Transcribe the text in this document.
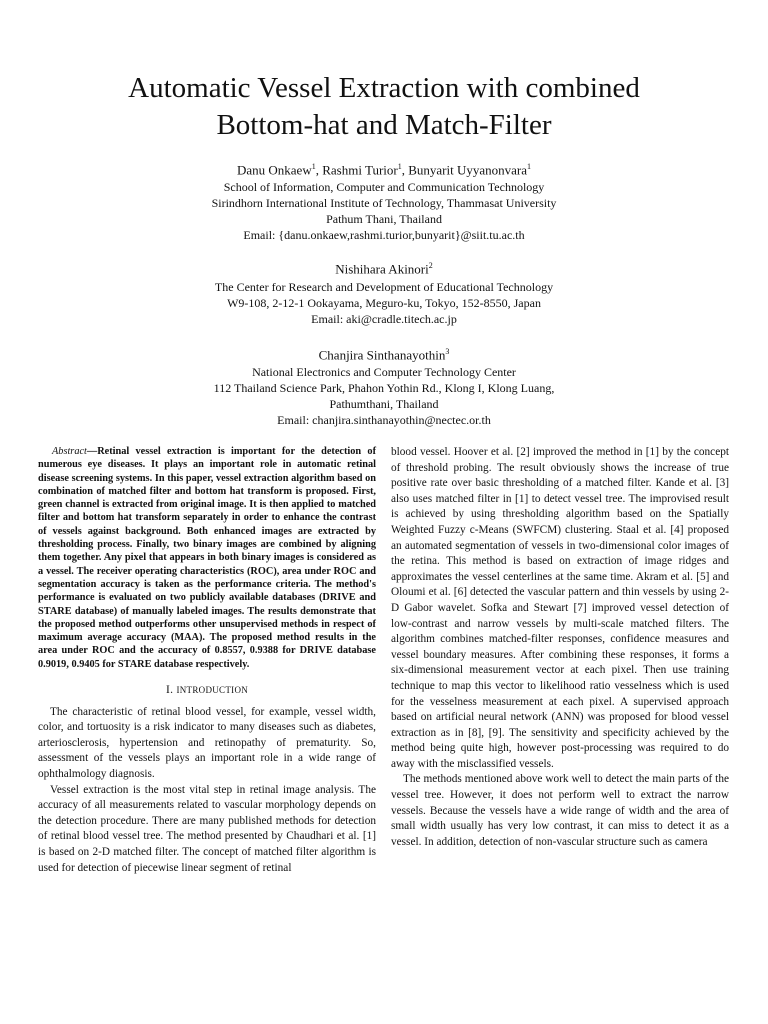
Automatic Vessel Extraction with combined
Bottom-hat and Match-Filter
Danu Onkaew$^1$, Rashmi Turior$^1$, Bunyarit Uyyanonvara$^1$
School of Information, Computer and Communication Technology
Sirindhorn International Institute of Technology, Thammasat University
Pathum Thani, Thailand
Email: {danu.onkaew,rashmi.turior,bunyarit}@siit.tu.ac.th
Nishihara Akinori$^2$
The Center for Research and Development of Educational Technology
W9-108, 2-12-1 Ookayama, Meguro-ku, Tokyo, 152-8550, Japan
Email: aki@cradle.titech.ac.jp
Chanjira Sinthanayothin$^3$
National Electronics and Computer Technology Center
112 Thailand Science Park, Phahon Yothin Rd., Klong I, Klong Luang,
Pathumthani, Thailand
Email: chanjira.sinthanayothin@nectec.or.th

Abstract—Retinal vessel extraction is important for the detection of numerous eye diseases. It plays an important role in automatic retinal disease screening systems. In this paper, vessel extraction algorithm based on combination of matched filter and bottom hat transform is proposed. First, green channel is extracted from original image. It is then applied to matched filter and bottom hat transform separately in order to enhance the contrast of vessels against background. Both enhanced images are extracted by thresholding process. Finally, two binary images are combined by aligning them together. Any pixel that appears in both binary images is considered as a vessel. The receiver operating characteristics (ROC), area under ROC and segmentation accuracy is taken as the performance criteria. The method's performance is evaluated on two publicly available databases (DRIVE and STARE database) of manually labeled images. The results demonstrate that the proposed method outperforms other unsupervised methods in respect of maximum average accuracy (MAA). The proposed method results in the area under ROC and the accuracy of 0.8557, 0.9388 for DRIVE database 0.9019, 0.9405 for STARE database respectively.

I. INTRODUCTION

The characteristic of retinal blood vessel, for example, vessel width, color, and tortuosity is a risk indicator to many diseases such as diabetes, arteriosclerosis, hypertension and retinopathy of prematurity. So, assessment of the vessels plays an important role in a wide range of ophthalmology diagnosis.

Vessel extraction is the most vital step in retinal image analysis. The accuracy of all measurements related to vascular morphology depends on the detection procedure. There are many published methods for detection of retinal blood vessel tree. The method presented by Chaudhari et al. [1] is based on 2-D matched filter. The concept of matched filter algorithm is used for detection of piecewise linear segment of retinal

blood vessel. Hoover et al. [2] improved the method in [1] by the concept of threshold probing. The result obviously shows the increase of true positive rate over basic thresholding of a matched filter. Kande et al. [3] also uses matched filter in [1] to detect vessel tree. The improvised result is achieved by using thresholding algorithm based on the Spatially Weighted Fuzzy c-Means (SWFCM) clustering. Staal et al. [4] proposed an automated segmentation of vessels in two-dimensional color images of the retina. This method is based on extraction of image ridges and approximates the vessel centerlines at the same time. Akram et al. [5] and Oloumi et al. [6] detected the vascular pattern and thin vessels by using 2-D Gabor wavelet. Sofka and Stewart [7] improved vessel detection of low-contrast and narrow vessels by multi-scale matched filters. The algorithm combines matched-filter responses, confidence measures and vessel boundary measures. After combining these responses, it forms a six-dimensional measurement vector at each pixel. Then use training technique to map this vector to likelihood ratio vesselness which is used for the vesselness measurement at each pixel. A supervised approach based on artificial neural network (ANN) was proposed for blood vessel extraction as in [8], [9]. The sensitivity and specificity achieved by the method being quite high, however post-processing was required to do away with the misclassified vessels.

The methods mentioned above work well to detect the main parts of the vessel tree. However, it does not perform well to extract the narrow vessels. Because the vessels have a wide range of width and the area of small width usually has very low contrast, it can miss to detect it as a vessel. In addition, detection of non-vascular structure such as camera
